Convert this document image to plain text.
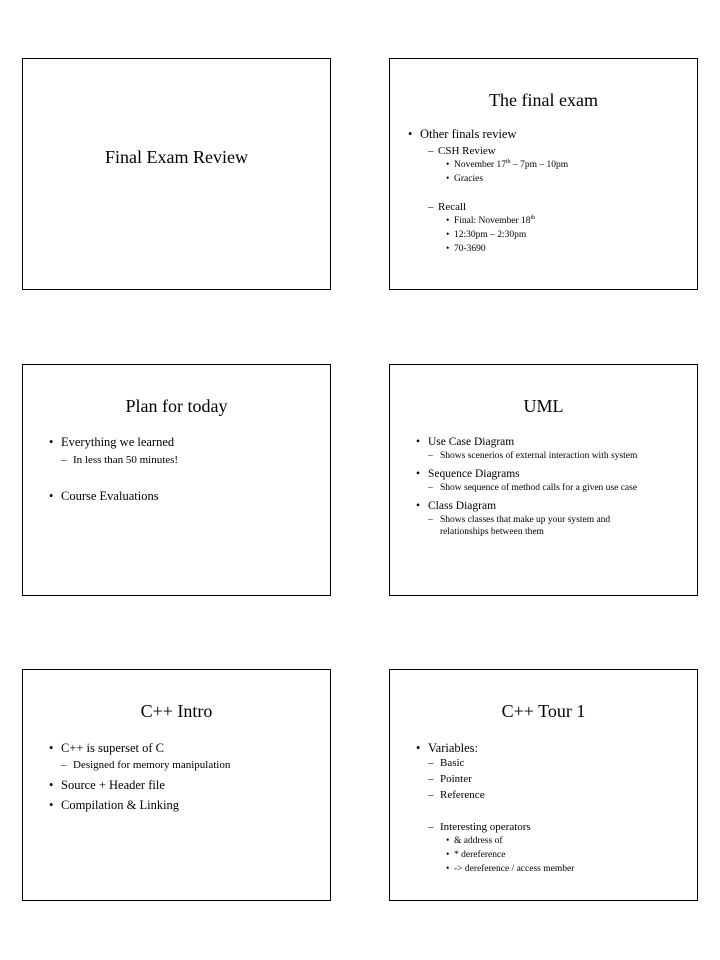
Final Exam Review
The final exam
• Other finals review
– CSH Review
• November 17th – 7pm – 10pm
• Gracies
– Recall
• Final: November 18th
• 12:30pm – 2:30pm
• 70-3690
Plan for today
• Everything we learned
– In less than 50 minutes!
• Course Evaluations
UML
• Use Case Diagram
– Shows scenerios of external interaction with system
• Sequence Diagrams
– Show sequence of method calls for a given use case
• Class Diagram
– Shows classes that make up your system and
relationships between them
C++ Intro
• C++ is superset of C
– Designed for memory manipulation
• Source + Header file
• Compilation & Linking
C++ Tour 1
• Variables:
– Basic
– Pointer
– Reference
– Interesting operators
• & address of
• * dereference
• -> dereference / access member
